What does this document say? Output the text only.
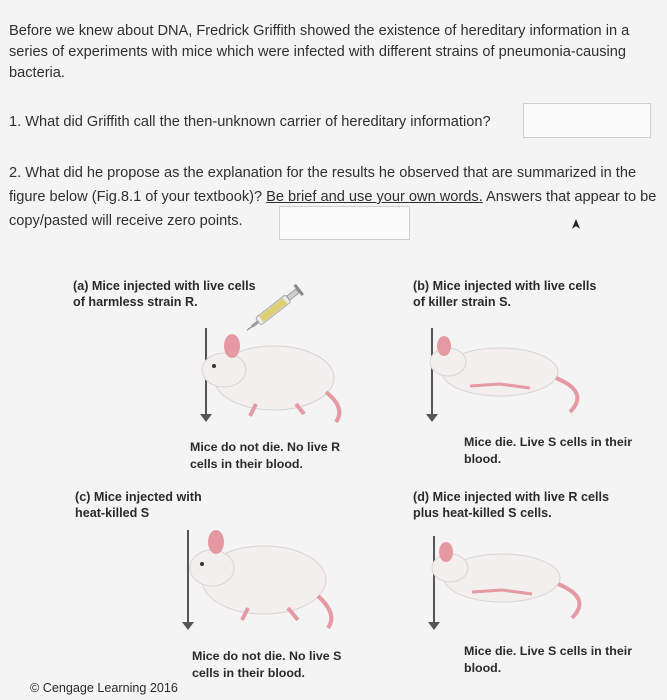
Before we knew about DNA, Fredrick Griffith showed the existence of hereditary information in a series of experiments with mice which were infected with different strains of pneumonia-causing bacteria.

1. What did Griffith call the then-unknown carrier of hereditary information?

2. What did he propose as the explanation for the results he observed that are summarized in the figure below (Fig.8.1 of your textbook)? Be brief and use your own words. Answers that appear to be copy/pasted will receive zero points.

(a) Mice injected with live cells of harmless strain R.
(b) Mice injected with live cells of killer strain S.
(c) Mice injected with heat-killed S
(d) Mice injected with live R cells plus heat-killed S cells.
Mice do not die. No live R cells in their blood.
Mice die. Live S cells in their blood.
Mice do not die. No live S cells in their blood.
Mice die. Live S cells in their blood.
© Cengage Learning 2016
